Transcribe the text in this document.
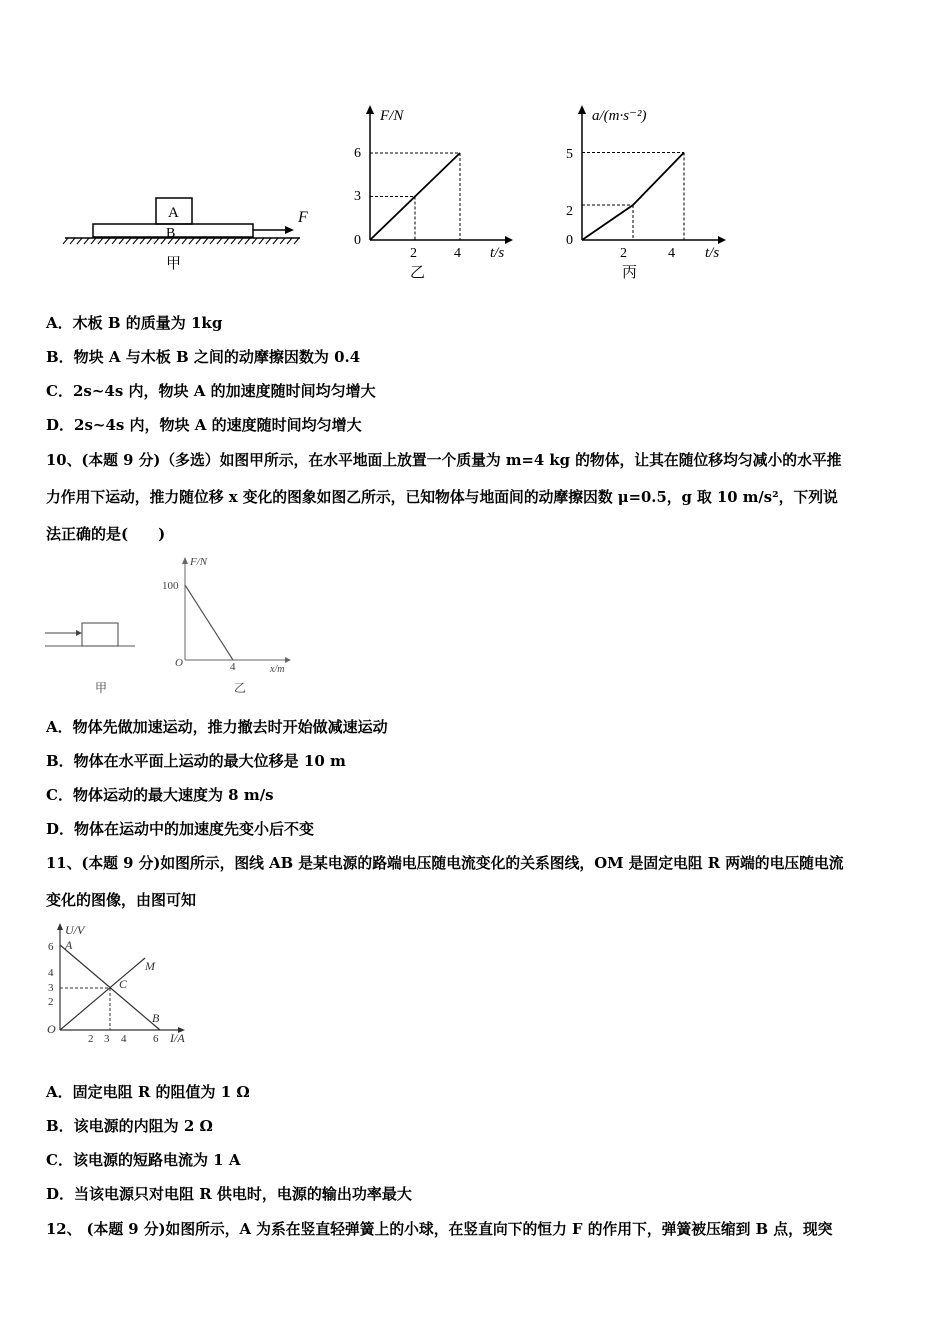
A
B
F
甲
F/N
t/s
乙
6
3
0
2	4
a/(m·s⁻²)
t/s
丙
5
2
0
2	4
A．木板 B 的质量为 1kg
B．物块 A 与木板 B 之间的动摩擦因数为 0.4
C．2s~4s 内，物块 A 的加速度随时间均匀增大
D．2s~4s 内，物块 A 的速度随时间均匀增大
10、(本题 9 分)（多选）如图甲所示，在水平地面上放置一个质量为 m=4 kg 的物体，让其在随位移均匀减小的水平推
力作用下运动，推力随位移 x 变化的图象如图乙所示，已知物体与地面间的动摩擦因数 μ=0.5，g 取 10 m/s²，下列说
法正确的是(　　)
甲
F/N
x/m
100
4
O
乙
A．物体先做加速运动，推力撤去时开始做减速运动
B．物体在水平面上运动的最大位移是 10 m
C．物体运动的最大速度为 8 m/s
D．物体在运动中的加速度先变小后不变
11、(本题 9 分)如图所示，图线 AB 是某电源的路端电压随电流变化的关系图线，OM 是固定电阻 R 两端的电压随电流
变化的图像，由图可知
U/V
I/A
O
6
4
3
2
2 3 4 6
A
M
C
B
A．固定电阻 R 的阻值为 1 Ω
B．该电源的内阻为 2 Ω
C．该电源的短路电流为 1 A
D．当该电源只对电阻 R 供电时，电源的输出功率最大
12、 (本题 9 分)如图所示，A 为系在竖直轻弹簧上的小球，在竖直向下的恒力 F 的作用下，弹簧被压缩到 B 点，现突
